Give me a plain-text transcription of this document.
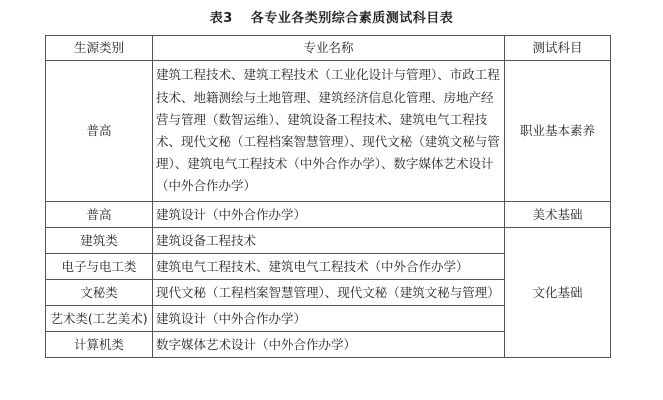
表3 各专业各类别综合素质测试科目表
生源类别	专业名称	测试科目
普高	建筑工程技术、建筑工程技术（工业化设计与管理）、市政工程技术、地籍测绘与土地管理、建筑经济信息化管理、房地产经营与管理（数智运维）、建筑设备工程技术、建筑电气工程技术、现代文秘（工程档案智慧管理）、现代文秘（建筑文秘与管理）、建筑电气工程技术（中外合作办学）、数字媒体艺术设计（中外合作办学）	职业基本素养
普高	建筑设计（中外合作办学）	美术基础
建筑类	建筑设备工程技术	文化基础
电子与电工类	建筑电气工程技术、建筑电气工程技术（中外合作办学）	
文秘类	现代文秘（工程档案智慧管理）、现代文秘（建筑文秘与管理）	
艺术类(工艺美术)	建筑设计（中外合作办学）	
计算机类	数字媒体艺术设计（中外合作办学）	
